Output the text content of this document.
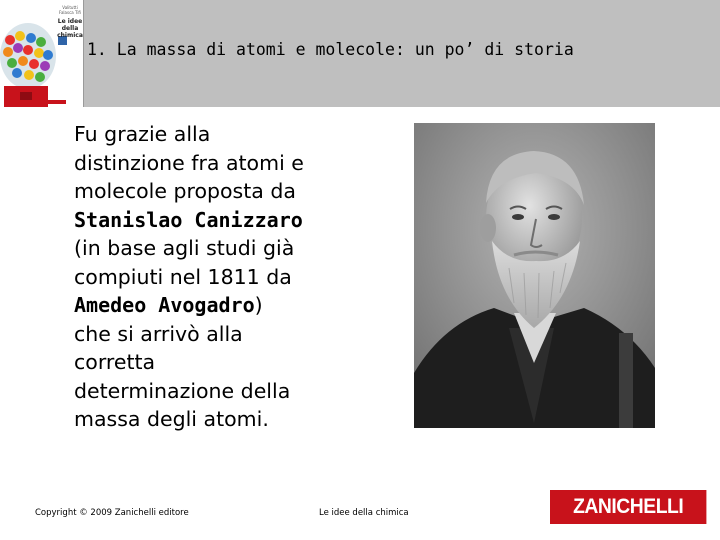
Valitutti
Falasca Tifi
Le idee
della
chimica
1. La massa di atomi e molecole: un po’ di storia
Fu grazie alla
distinzione fra atomi e
molecole proposta da
Stanislao Canizzaro
(in base agli studi già
compiuti nel 1811 da
Amedeo Avogadro)
che si arrivò alla
corretta
determinazione della
massa degli atomi.
Copyright © 2009 Zanichelli editore	Le idee della chimica	ZANICHELLI
